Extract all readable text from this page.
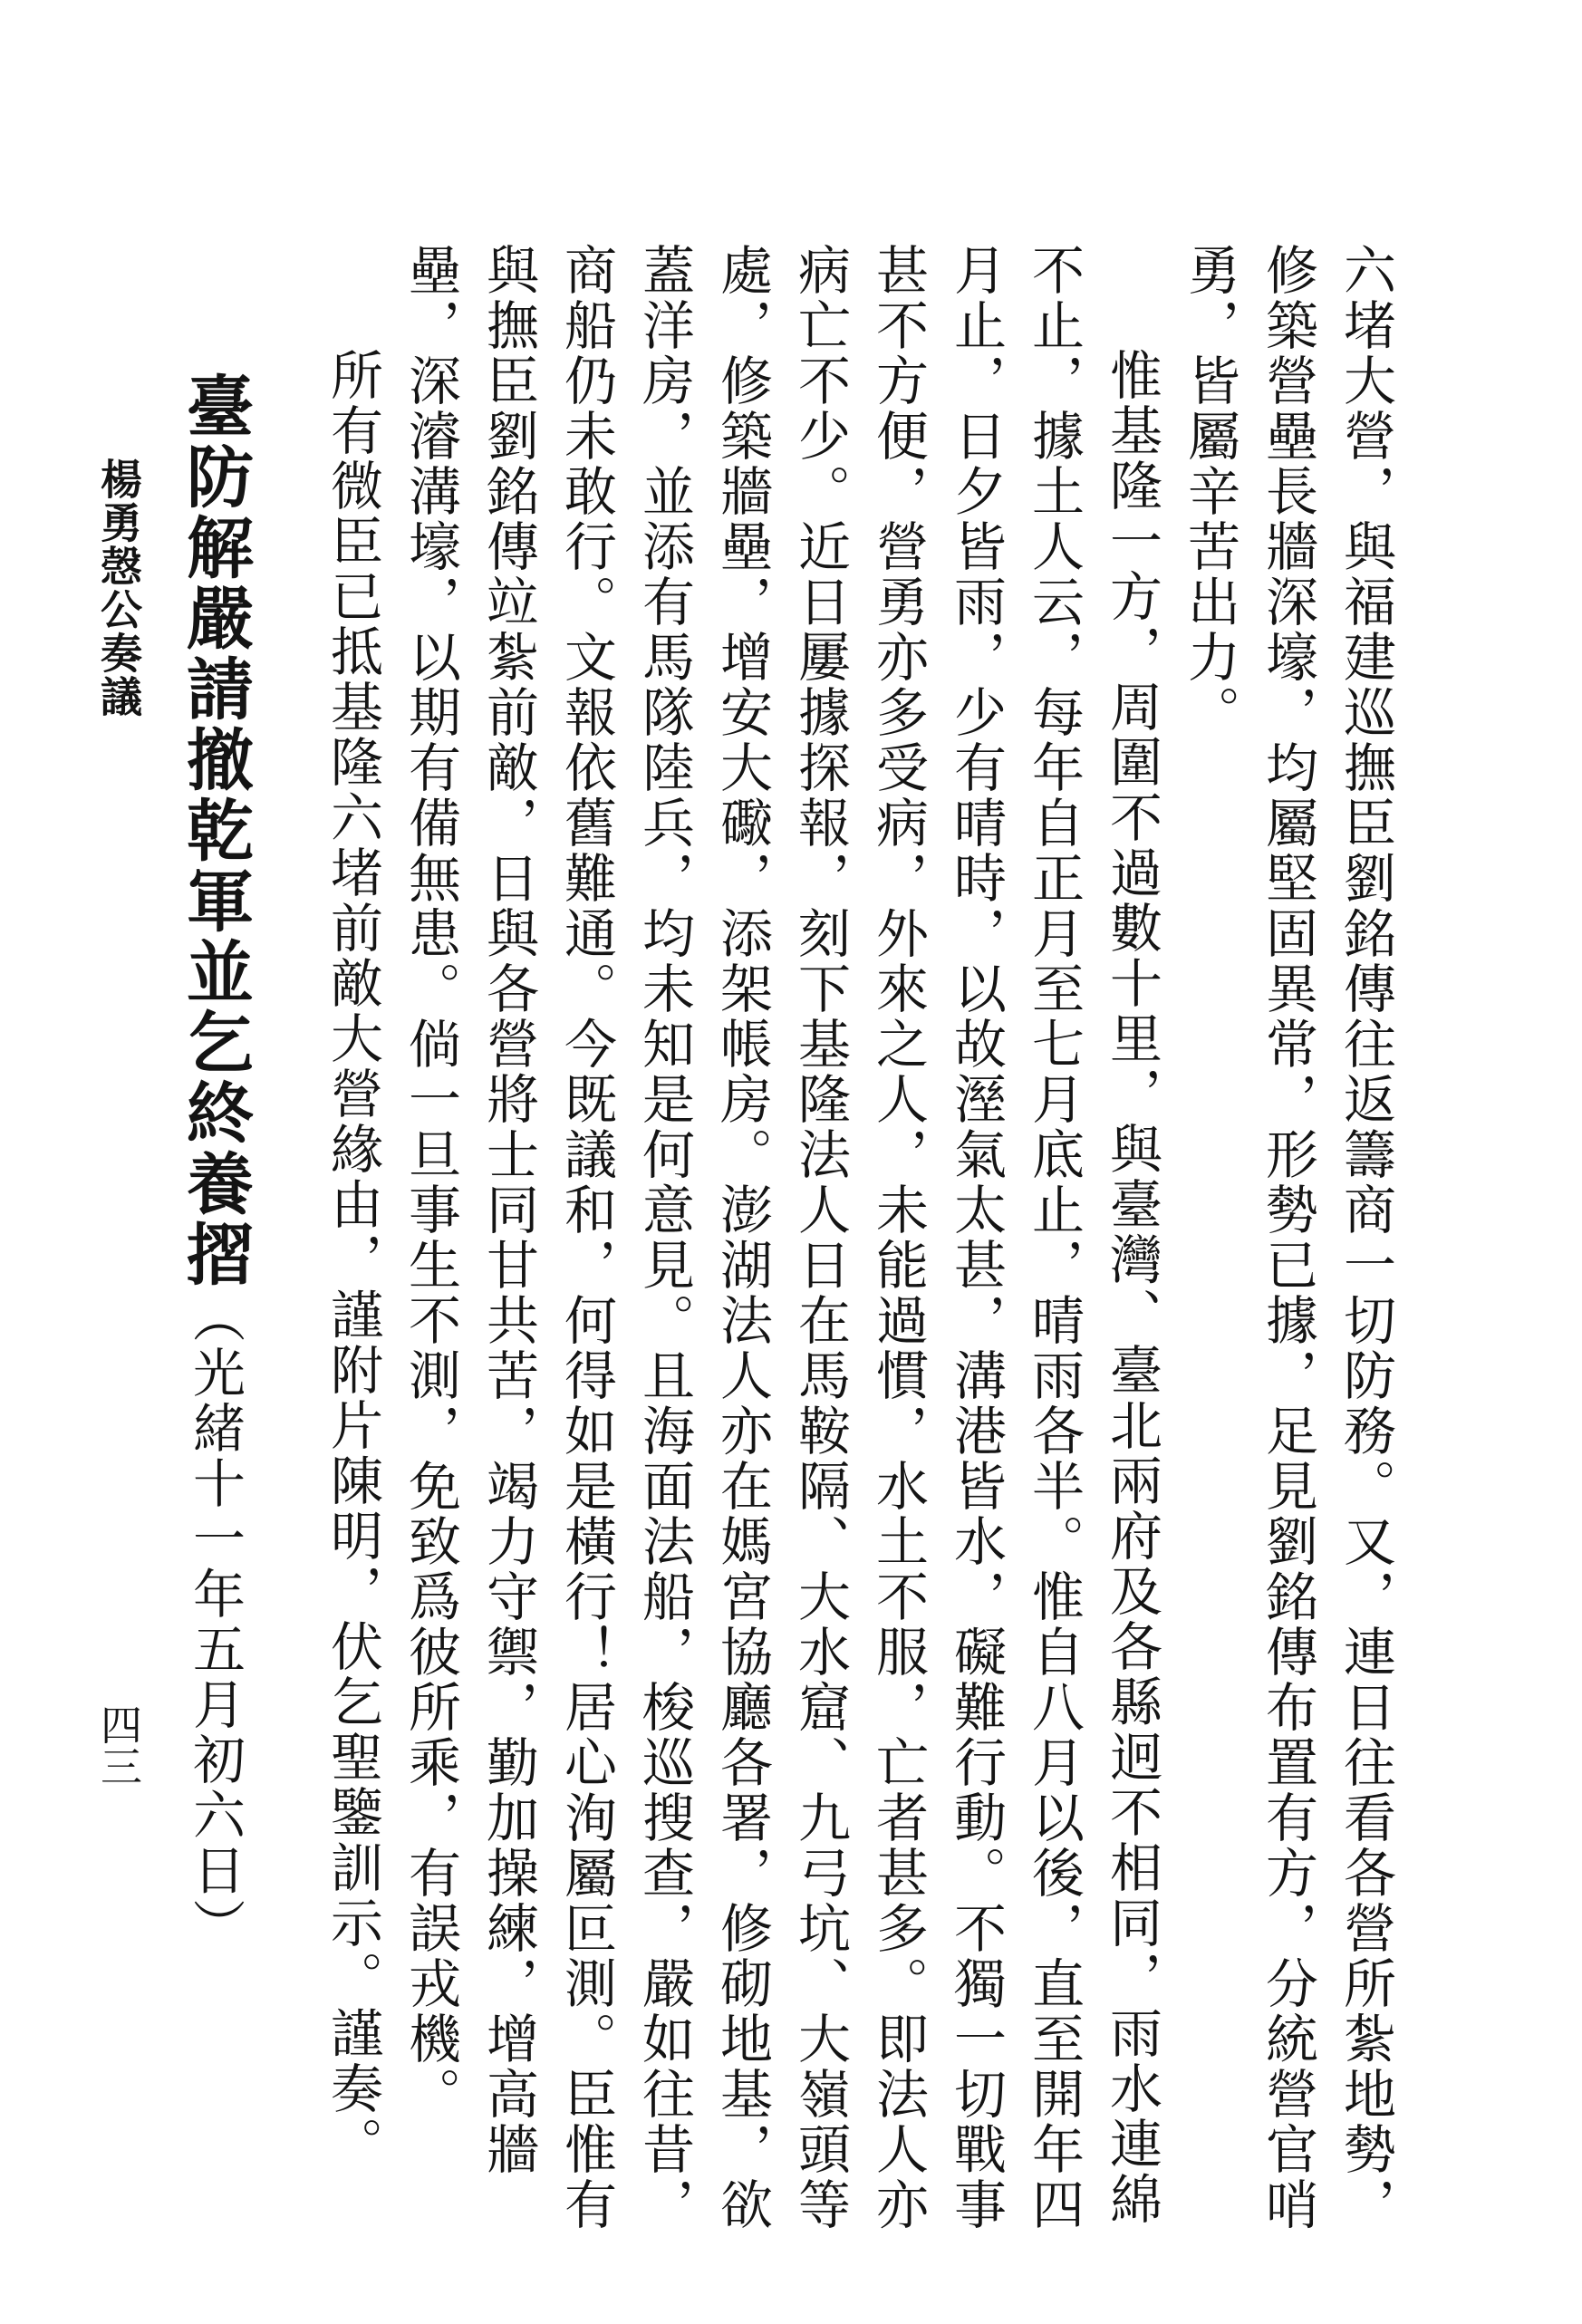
楊勇愨公奏議
四三	六堵大營，與福建巡撫臣劉銘傳往返籌商一切防務。又，連日往看各營所紮地勢，修築營壘長牆深壕，均屬堅固異常，形勢已據，足見劉銘傳布置有方，分統營官哨勇，皆屬辛苦出力。

惟基隆一方，周圍不過數十里，與臺灣、臺北兩府及各縣迥不相同，雨水連綿不止，據土人云，每年自正月至七月底止，晴雨各半。惟自八月以後，直至開年四月止，日夕皆雨，少有晴時，以故溼氣太甚，溝港皆水，礙難行動。不獨一切戰事甚不方便，營勇亦多受病，外來之人，未能過慣，水土不服，亡者甚多。即法人亦病亡不少。近日屢據探報，刻下基隆法人日在馬鞍隔、大水窟、九弓坑、大嶺頭等處，修築牆壘，增安大礮，添架帳房。澎湖法人亦在媽宮協廳各署，修砌地基，欲蓋洋房，並添有馬隊陸兵，均未知是何意見。且海面法船，梭巡搜查，嚴如往昔，商船仍未敢行。文報依舊難通。今既議和，何得如是橫行！居心洵屬叵測。臣惟有與撫臣劉銘傳竝紮前敵，日與各營將士同甘共苦，竭力守禦，勤加操練，增高牆壘，深濬溝壕，以期有備無患。倘一旦事生不測，免致爲彼所乘，有誤戎機。

所有微臣已抵基隆六堵前敵大營緣由，謹附片陳明，伏乞聖鑒訓示。謹奏。

臺防解嚴請撤乾軍並乞終養摺（光緒十一年五月初六日）
